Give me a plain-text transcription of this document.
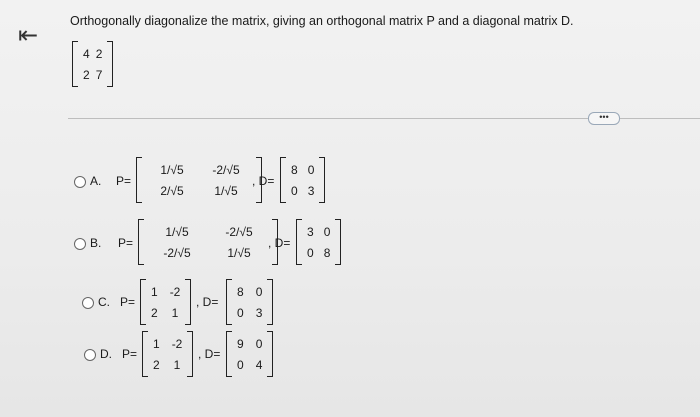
⇤
Orthogonally diagonalize the matrix, giving an orthogonal matrix P and a diagonal matrix D.
4 2
2 7
•••
A. P=
1/√5	-2/√5
2/√5	1/√5
, D=
8 0
0 3
B. P=
1/√5	-2/√5
-2/√5	1/√5
, D=
3 0
0 8
C. P=
1 -2
2 1
, D=
8 0
0 3
D. P=
1 -2
2 1
, D=
9 0
0 4
